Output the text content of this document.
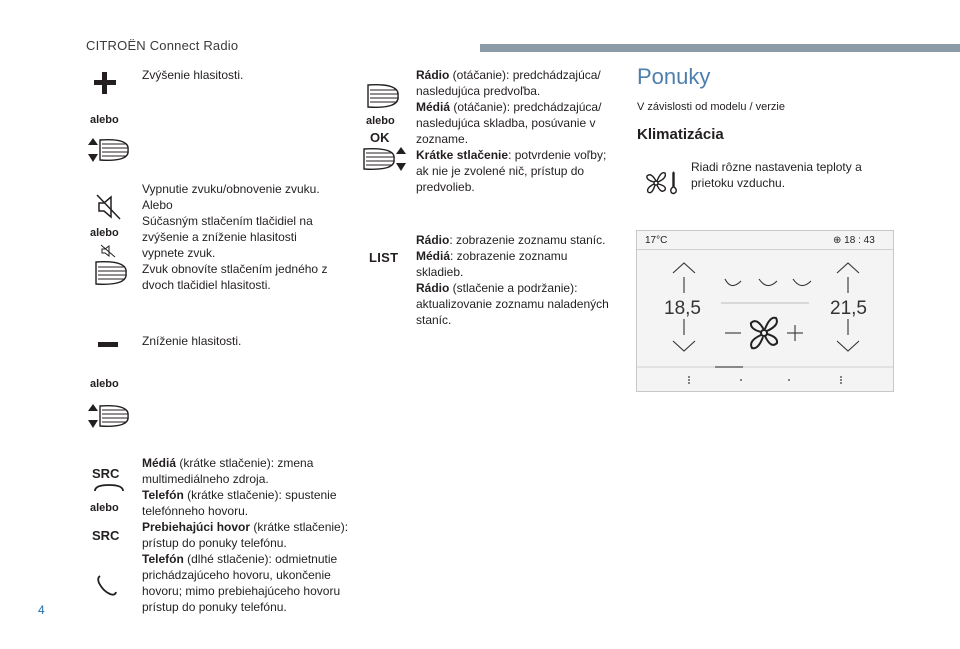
CITROËN Connect Radio
Zvýšenie hlasitosti.
alebo
Vypnutie zvuku/obnovenie zvuku.
Alebo
Súčasným stlačením tlačidiel na
zvýšenie a zníženie hlasitosti
vypnete zvuk.
Zvuk obnovíte stlačením jedného z
dvoch tlačidiel hlasitosti.
alebo
Zníženie hlasitosti.
alebo
SRC
alebo
SRC
Médiá (krátke stlačenie): zmena
multimediálneho zdroja.
Telefón (krátke stlačenie): spustenie
telefónneho hovoru.
Prebiehajúci hovor (krátke stlačenie):
prístup do ponuky telefónu.
Telefón (dlhé stlačenie): odmietnutie
prichádzajúceho hovoru, ukončenie
hovoru; mimo prebiehajúceho hovoru
prístup do ponuky telefónu.
alebo
OK
Rádio (otáčanie): predchádzajúca/
nasledujúca predvoľba.
Médiá (otáčanie): predchádzajúca/
nasledujúca skladba, posúvanie v
zozname.
Krátke stlačenie: potvrdenie voľby;
ak nie je zvolené nič, prístup do
predvolieb.
LIST
Rádio: zobrazenie zoznamu staníc.
Médiá: zobrazenie zoznamu
skladieb.
Rádio (stlačenie a podržanie):
aktualizovanie zoznamu naladených
staníc.
Ponuky
V závislosti od modelu / verzie
Klimatizácia
Riadi rôzne nastavenia teploty a
prietoku vzduchu.
17°C	⊕ 18 : 43
18,5	21,5
4
